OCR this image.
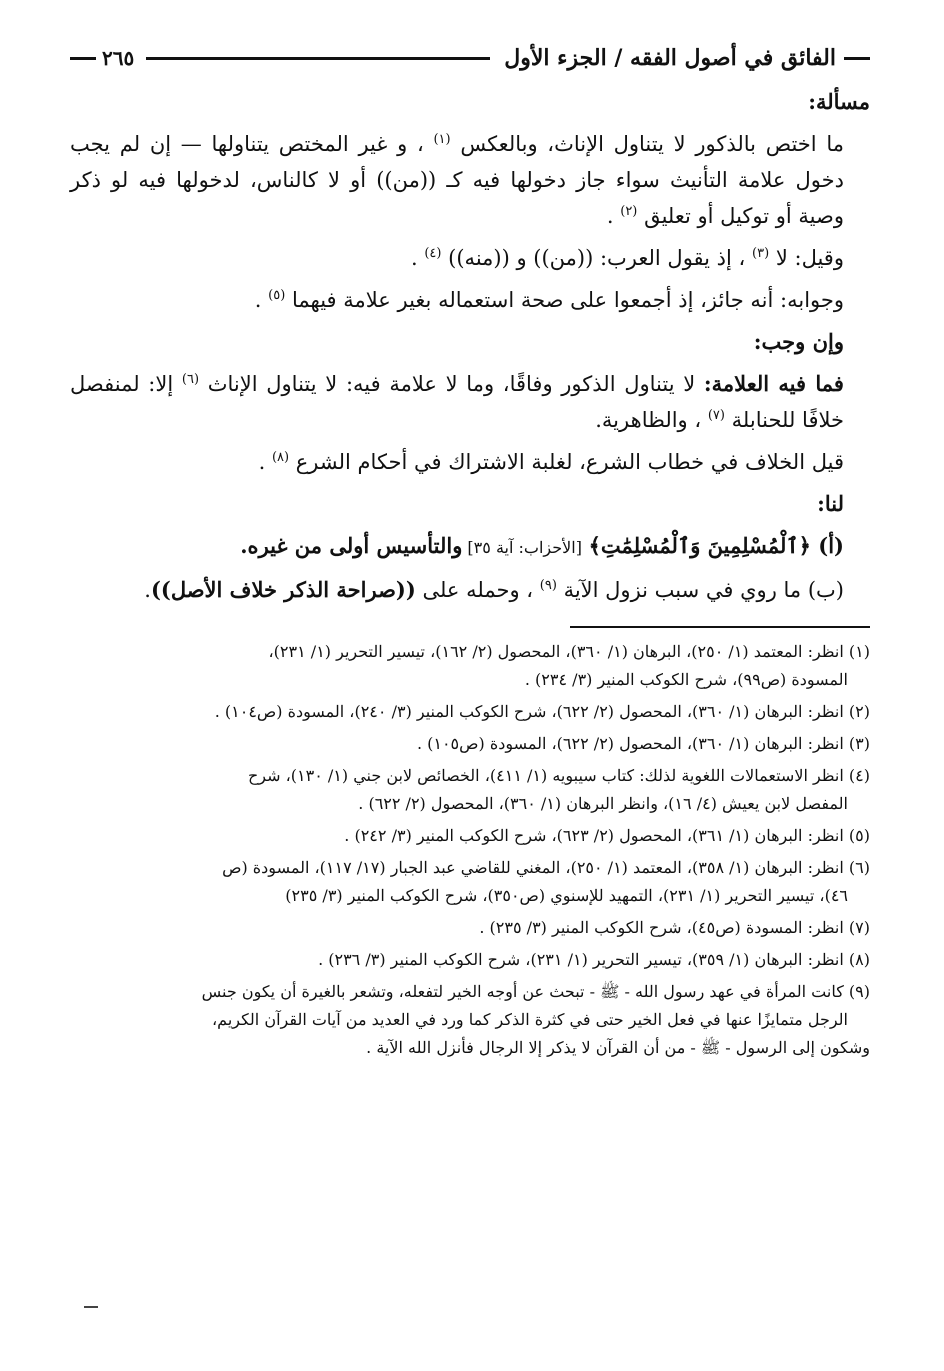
الفائق في أصول الفقه / الجزء الأول
٢٦٥

مسألة:

ما اختص بالذكور لا يتناول الإناث، وبالعكس $^{(١)}$ ، و غير المختص يتناولها — إن لم يجب دخول علامة التأنيث سواء جاز دخولها فيه كـ ((من)) أو لا كالناس، لدخولها فيه لو ذكر وصية أو توكيل أو تعليق $^{(٢)}$ .

وقيل: لا $^{(٣)}$ ، إذ يقول العرب: ((من)) و ((منه)) $^{(٤)}$ .

وجوابه: أنه جائز، إذ أجمعوا على صحة استعماله بغير علامة فيهما $^{(٥)}$ .

وإن وجب:

فما فيه العلامة: لا يتناول الذكور وفاقًا، وما لا علامة فيه: لا يتناول الإناث $^{(٦)}$ إلا: لمنفصل خلافًا للحنابلة $^{(٧)}$ ، والظاهرية.

قيل الخلاف في خطاب الشرع، لغلبة الاشتراك في أحكام الشرع $^{(٨)}$ .

لنا:

(أ) ﴿ٱلْمُسْلِمِينَ وَٱلْمُسْلِمَٰتِ﴾ [الأحزاب: آية ٣٥] والتأسيس أولى من غيره.

(ب) ما روي في سبب نزول الآية $^{(٩)}$ ، وحمله على ((صراحة الذكر خلاف الأصل)).

(١) انظر: المعتمد (١/ ٢٥٠)، البرهان (١/ ٣٦٠)، المحصول (٢/ ١٦٢)، تيسير التحرير (١/ ٢٣١)،
المسودة (ص٩٩)، شرح الكوكب المنير (٣/ ٢٣٤) .

(٢) انظر: البرهان (١/ ٣٦٠)، المحصول (٢/ ٦٢٢)، شرح الكوكب المنير (٣/ ٢٤٠)، المسودة (ص١٠٤) .

(٣) انظر: البرهان (١/ ٣٦٠)، المحصول (٢/ ٦٢٢)، المسودة (ص١٠٥) .

(٤) انظر الاستعمالات اللغوية لذلك: كتاب سيبويه (١/ ٤١١)، الخصائص لابن جني (١/ ١٣٠)، شرح
المفصل لابن يعيش (٤/ ١٦)، وانظر البرهان (١/ ٣٦٠)، المحصول (٢/ ٦٢٢) .

(٥) انظر: البرهان (١/ ٣٦١)، المحصول (٢/ ٦٢٣)، شرح الكوكب المنير (٣/ ٢٤٢) .

(٦) انظر: البرهان (١/ ٣٥٨)، المعتمد (١/ ٢٥٠)، المغني للقاضي عبد الجبار (١٧/ ١١٧)، المسودة (ص
٤٦)، تيسير التحرير (١/ ٢٣١)، التمهيد للإسنوي (ص٣٥٠)، شرح الكوكب المنير (٣/ ٢٣٥)

(٧) انظر: المسودة (ص٤٥)، شرح الكوكب المنير (٣/ ٢٣٥) .

(٨) انظر: البرهان (١/ ٣٥٩)، تيسير التحرير (١/ ٢٣١)، شرح الكوكب المنير (٣/ ٢٣٦) .

(٩) كانت المرأة في عهد رسول الله - ﷺ - تبحث عن أوجه الخير لتفعله، وتشعر بالغيرة أن يكون جنس
الرجل متمايزًا عنها في فعل الخير حتى في كثرة الذكر كما ورد في العديد من آيات القرآن الكريم،
وشكون إلى الرسول - ﷺ - من أن القرآن لا يذكر إلا الرجال فأنزل الله الآية .
